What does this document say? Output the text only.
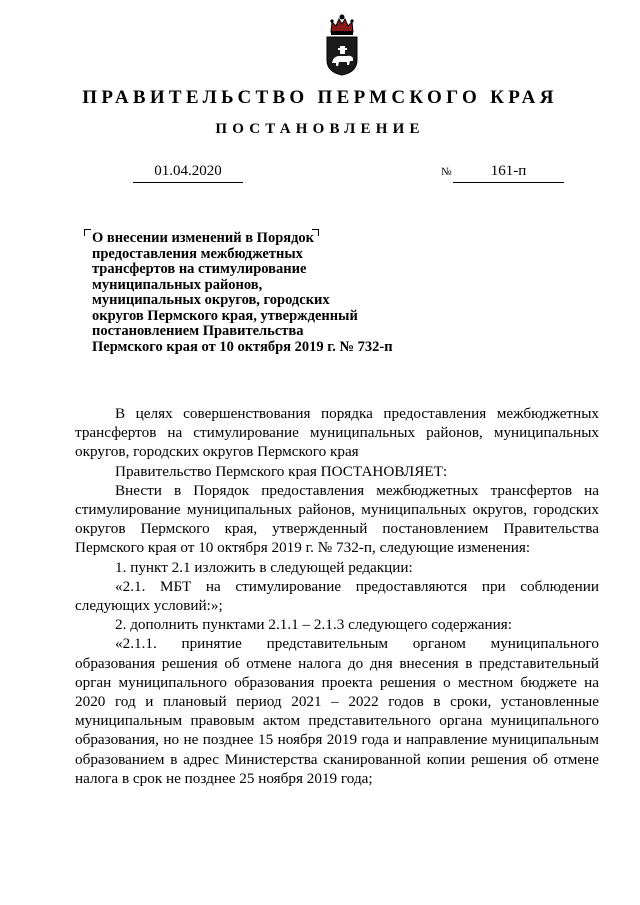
ПРАВИТЕЛЬСТВО ПЕРМСКОГО КРАЯ
ПОСТАНОВЛЕНИЕ
01.04.2020	№	161-п
О внесении изменений в Порядок
предоставления межбюджетных
трансфертов на стимулирование
муниципальных районов,
муниципальных округов, городских
округов Пермского края, утвержденный
постановлением Правительства
Пермского края от 10 октября 2019 г. № 732-п

В целях совершенствования порядка предоставления межбюджетных трансфертов на стимулирование муниципальных районов, муниципальных округов, городских округов Пермского края

Правительство Пермского края ПОСТАНОВЛЯЕТ:

Внести в Порядок предоставления межбюджетных трансфертов на стимулирование муниципальных районов, муниципальных округов, городских округов Пермского края, утвержденный постановлением Правительства Пермского края от 10 октября 2019 г. № 732-п, следующие изменения:

1. пункт 2.1 изложить в следующей редакции:

«2.1. МБТ на стимулирование предоставляются при соблюдении следующих условий:»;

2. дополнить пунктами 2.1.1 – 2.1.3 следующего содержания:

«2.1.1. принятие представительным органом муниципального образования решения об отмене налога до дня внесения в представительный орган муниципального образования проекта решения о местном бюджете на 2020 год и плановый период 2021 – 2022 годов в сроки, установленные муниципальным правовым актом представительного органа муниципального образования, но не позднее 15 ноября 2019 года и направление муниципальным образованием в адрес Министерства сканированной копии решения об отмене налога в срок не позднее 25 ноября 2019 года;
